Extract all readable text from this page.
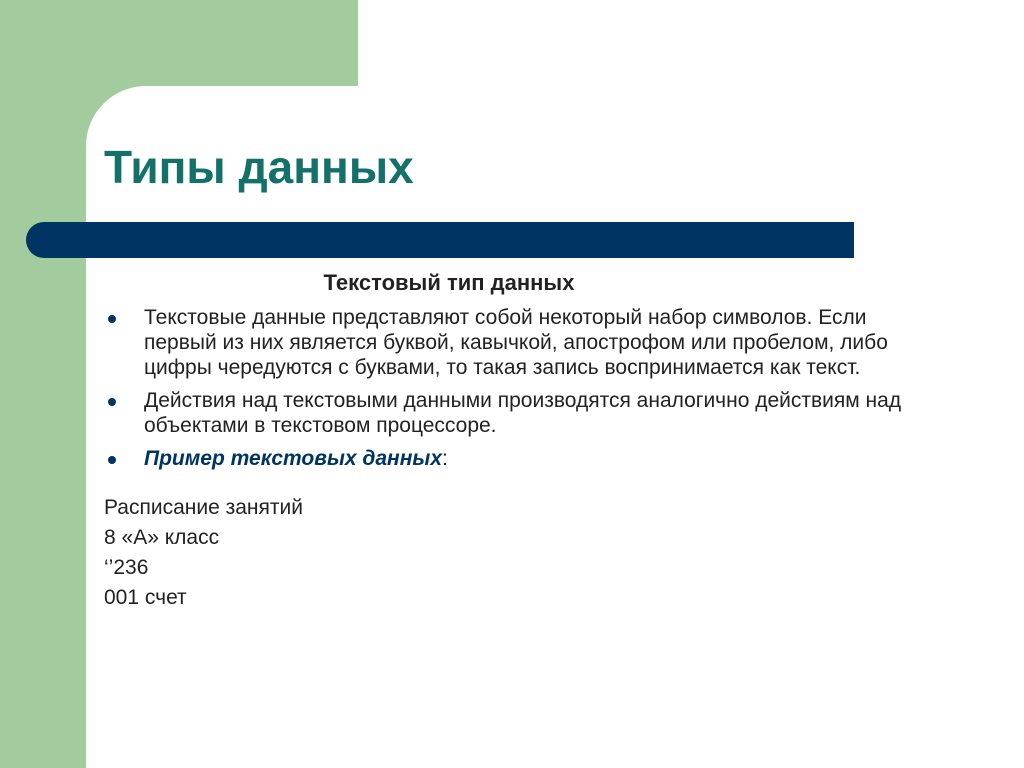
Типы данных
Текстовый тип данных
Текстовые данные представляют собой некоторый набор символов. Если первый из них является буквой, кавычкой, апострофом или пробелом, либо цифры чередуются с буквами, то такая запись воспринимается как текст.
Действия над текстовыми данными производятся аналогично действиям над объектами в текстовом процессоре.
Пример текстовых данных:
Расписание занятий
8 «А» класс
‘’236
001 счет
